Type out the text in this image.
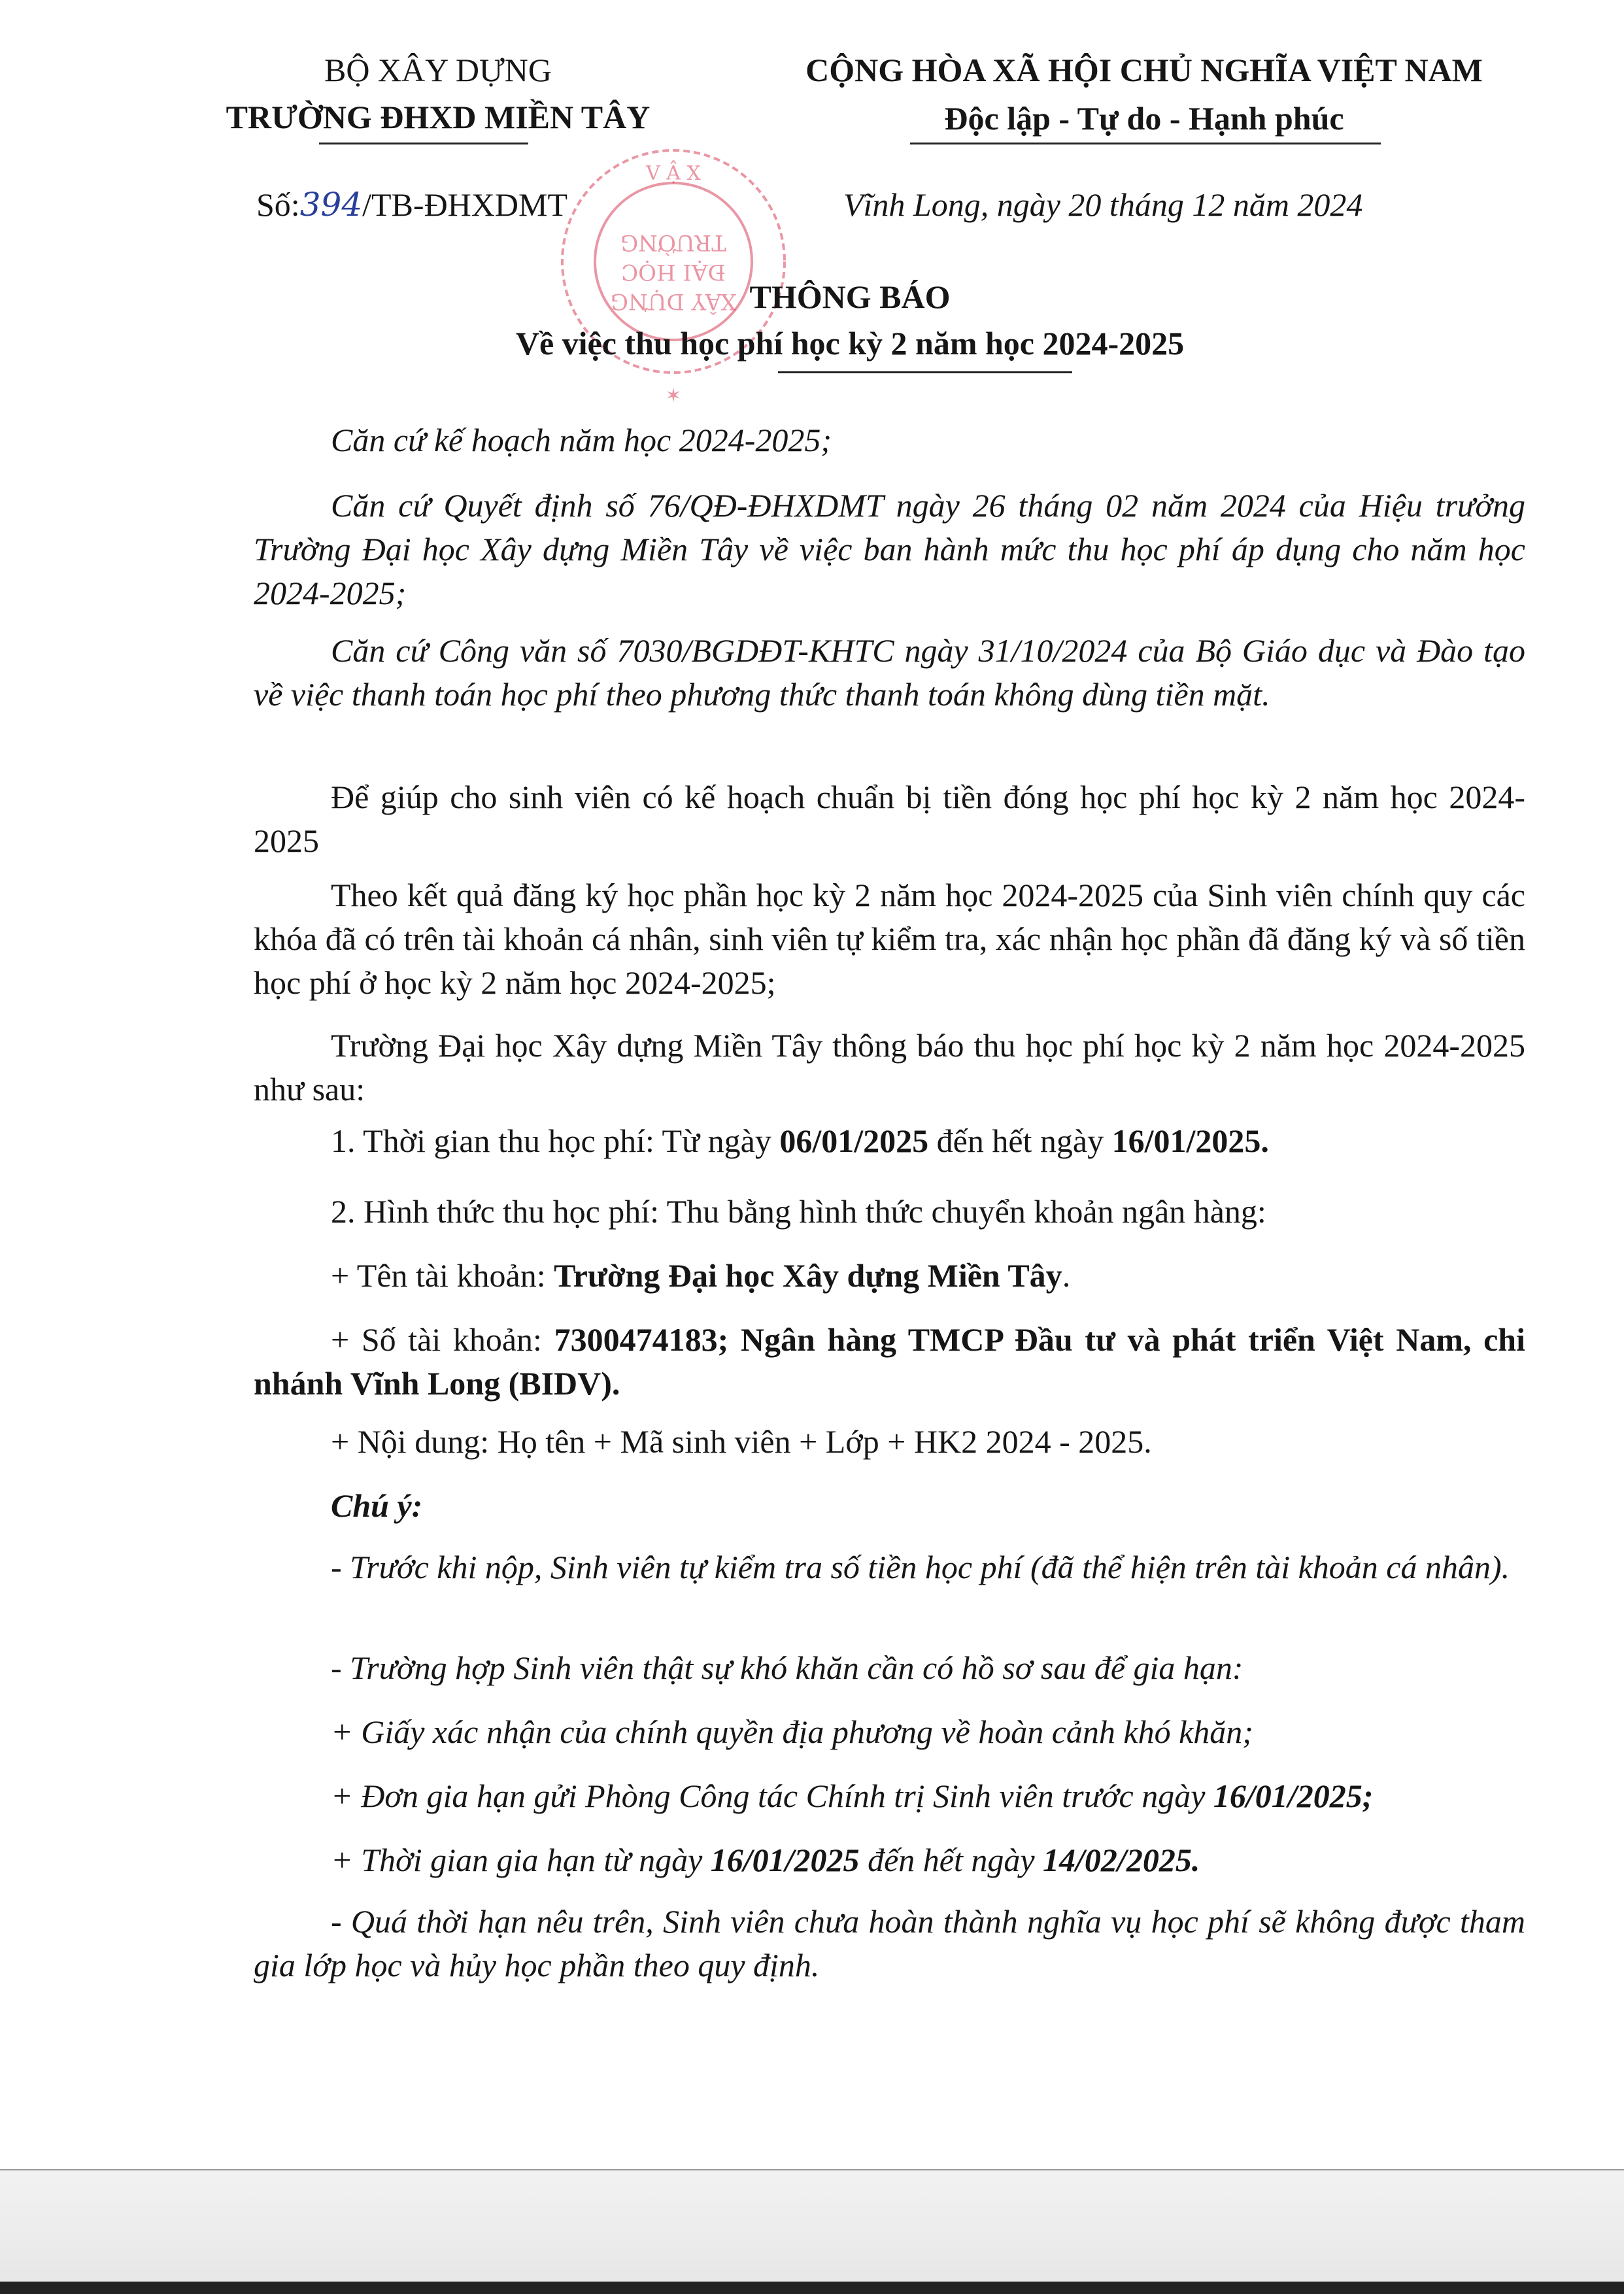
BỘ XÂY DỰNG
TRƯỜNG ĐHXD MIỀN TÂY
CỘNG HÒA XÃ HỘI CHỦ NGHĨA VIỆT NAM
Độc lập - Tự do - Hạnh phúc
Số:394/TB-ĐHXDMT	Vĩnh Long, ngày 20 tháng 12 năm 2024
V Ậ X
TRƯỜNG
ĐẠI HỌC
XÂY DỰNG
✶
THÔNG BÁO
Về việc thu học phí học kỳ 2 năm học 2024-2025
Căn cứ kế hoạch năm học 2024-2025;
Căn cứ Quyết định số 76/QĐ-ĐHXDMT ngày 26 tháng 02 năm 2024 của Hiệu trưởng Trường Đại học Xây dựng Miền Tây về việc ban hành mức thu học phí áp dụng cho năm học 2024-2025;
Căn cứ Công văn số 7030/BGDĐT-KHTC ngày 31/10/2024 của Bộ Giáo dục và Đào tạo về việc thanh toán học phí theo phương thức thanh toán không dùng tiền mặt.
Để giúp cho sinh viên có kế hoạch chuẩn bị tiền đóng học phí học kỳ 2 năm học 2024-2025
Theo kết quả đăng ký học phần học kỳ 2 năm học 2024-2025 của Sinh viên chính quy các khóa đã có trên tài khoản cá nhân, sinh viên tự kiểm tra, xác nhận học phần đã đăng ký và số tiền học phí ở học kỳ 2 năm học 2024-2025;
Trường Đại học Xây dựng Miền Tây thông báo thu học phí học kỳ 2 năm học 2024-2025 như sau:
1. Thời gian thu học phí: Từ ngày 06/01/2025 đến hết ngày 16/01/2025.
2. Hình thức thu học phí: Thu bằng hình thức chuyển khoản ngân hàng:
+ Tên tài khoản: Trường Đại học Xây dựng Miền Tây.
+ Số tài khoản: 7300474183; Ngân hàng TMCP Đầu tư và phát triển Việt Nam, chi nhánh Vĩnh Long (BIDV).
+ Nội dung: Họ tên + Mã sinh viên + Lớp + HK2 2024 - 2025.
Chú ý:
- Trước khi nộp, Sinh viên tự kiểm tra số tiền học phí (đã thể hiện trên tài khoản cá nhân).
- Trường hợp Sinh viên thật sự khó khăn cần có hồ sơ sau để gia hạn:
+ Giấy xác nhận của chính quyền địa phương về hoàn cảnh khó khăn;
+ Đơn gia hạn gửi Phòng Công tác Chính trị Sinh viên trước ngày 16/01/2025;
+ Thời gian gia hạn từ ngày 16/01/2025 đến hết ngày 14/02/2025.
- Quá thời hạn nêu trên, Sinh viên chưa hoàn thành nghĩa vụ học phí sẽ không được tham gia lớp học và hủy học phần theo quy định.
